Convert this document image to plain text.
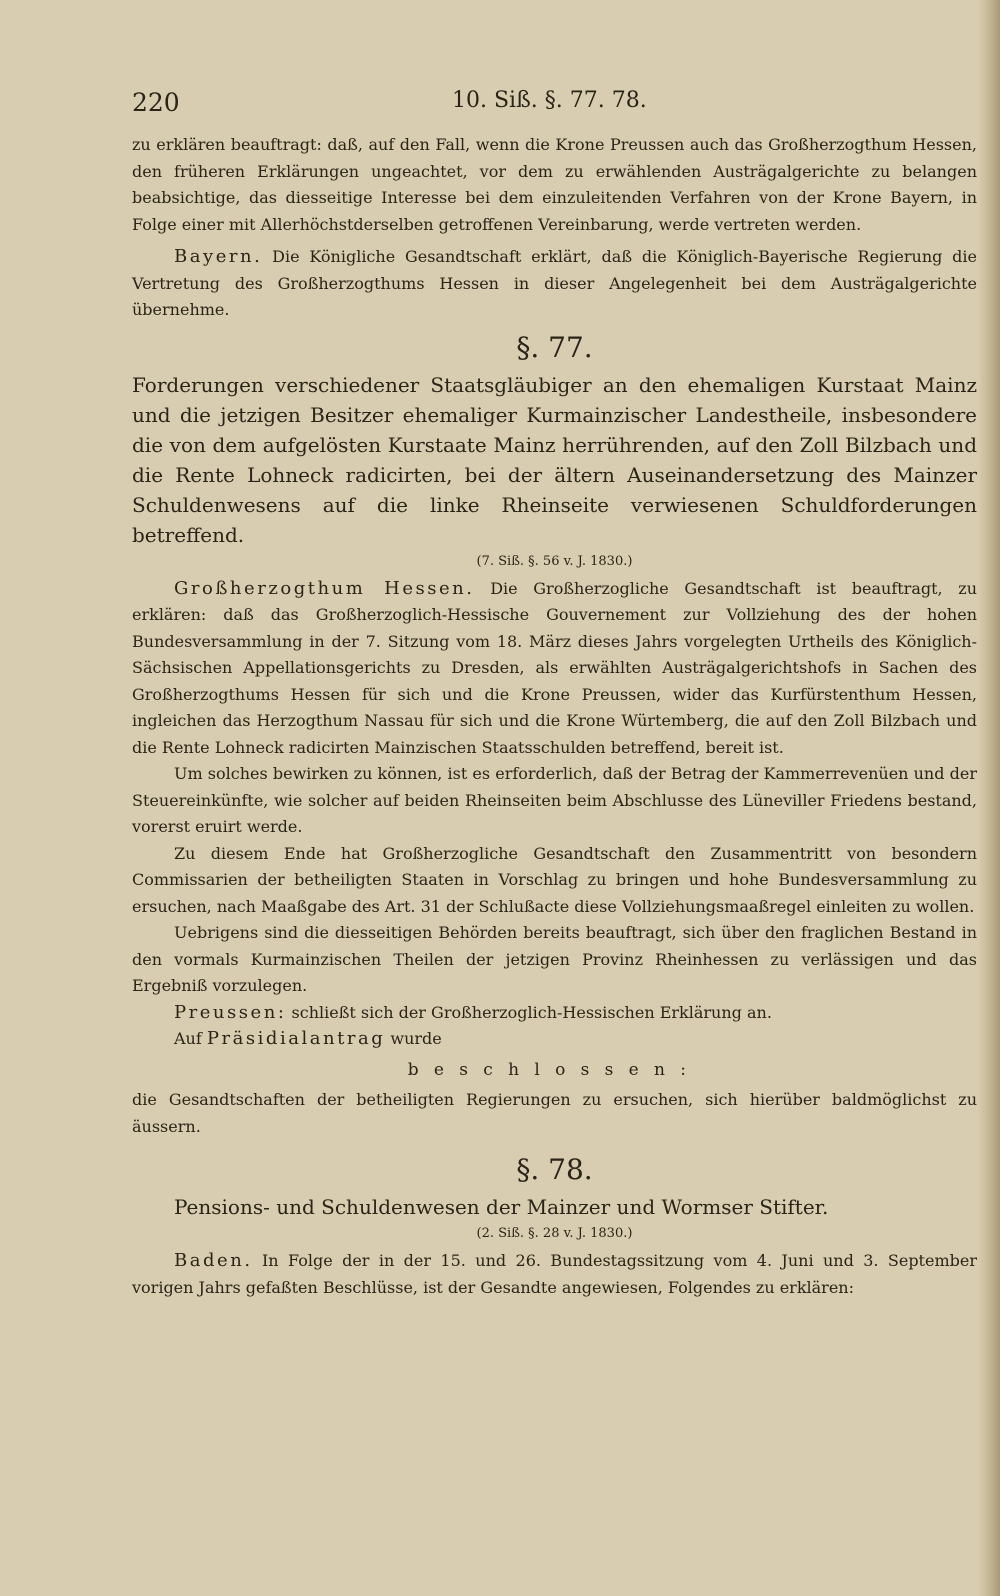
220	10. Siß. §. 77. 78.

zu erklären beauftragt: daß, auf den Fall, wenn die Krone Preussen auch das Großherzogthum Hessen, den früheren Erklärungen ungeachtet, vor dem zu erwählenden Austrägalgerichte zu belangen beabsichtige, das diesseitige Interesse bei dem einzuleitenden Verfahren von der Krone Bayern, in Folge einer mit Allerhöchstderselben getroffenen Vereinbarung, werde vertreten werden.

Bayern. Die Königliche Gesandtschaft erklärt, daß die Königlich-Bayerische Regierung die Vertretung des Großherzogthums Hessen in dieser Angelegenheit bei dem Austrägalgerichte übernehme.

§. 77.
Forderungen verschiedener Staatsgläubiger an den ehemaligen Kurstaat Mainz und die jetzigen Besitzer ehemaliger Kurmainzischer Landestheile, insbesondere die von dem aufgelösten Kurstaate Mainz herrührenden, auf den Zoll Bilzbach und die Rente Lohneck radicirten, bei der ältern Auseinandersetzung des Mainzer Schuldenwesens auf die linke Rheinseite verwiesenen Schuldforderungen betreffend.
(7. Siß. §. 56 v. J. 1830.)

Großherzogthum Hessen. Die Großherzogliche Gesandtschaft ist beauftragt, zu erklären: daß das Großherzoglich-Hessische Gouvernement zur Vollziehung des der hohen Bundesversammlung in der 7. Sitzung vom 18. März dieses Jahrs vorgelegten Urtheils des Königlich-Sächsischen Appellationsgerichts zu Dresden, als erwählten Austrägalgerichtshofs in Sachen des Großherzogthums Hessen für sich und die Krone Preussen, wider das Kurfürstenthum Hessen, ingleichen das Herzogthum Nassau für sich und die Krone Würtemberg, die auf den Zoll Bilzbach und die Rente Lohneck radicirten Mainzischen Staatsschulden betreffend, bereit ist.

Um solches bewirken zu können, ist es erforderlich, daß der Betrag der Kammerrevenüen und der Steuereinkünfte, wie solcher auf beiden Rheinseiten beim Abschlusse des Lüneviller Friedens bestand, vorerst eruirt werde.

Zu diesem Ende hat Großherzogliche Gesandtschaft den Zusammentritt von besondern Commissarien der betheiligten Staaten in Vorschlag zu bringen und hohe Bundesversammlung zu ersuchen, nach Maaßgabe des Art. 31 der Schlußacte diese Vollziehungsmaaßregel einleiten zu wollen.

Uebrigens sind die diesseitigen Behörden bereits beauftragt, sich über den fraglichen Bestand in den vormals Kurmainzischen Theilen der jetzigen Provinz Rheinhessen zu verlässigen und das Ergebniß vorzulegen.

Preussen: schließt sich der Großherzoglich-Hessischen Erklärung an.

Auf Präsidialantrag wurde

beschlossen:

die Gesandtschaften der betheiligten Regierungen zu ersuchen, sich hierüber baldmöglichst zu äussern.

§. 78.
Pensions- und Schuldenwesen der Mainzer und Wormser Stifter.
(2. Siß. §. 28 v. J. 1830.)

Baden. In Folge der in der 15. und 26. Bundestagssitzung vom 4. Juni und 3. September vorigen Jahrs gefaßten Beschlüsse, ist der Gesandte angewiesen, Folgendes zu erklären:
